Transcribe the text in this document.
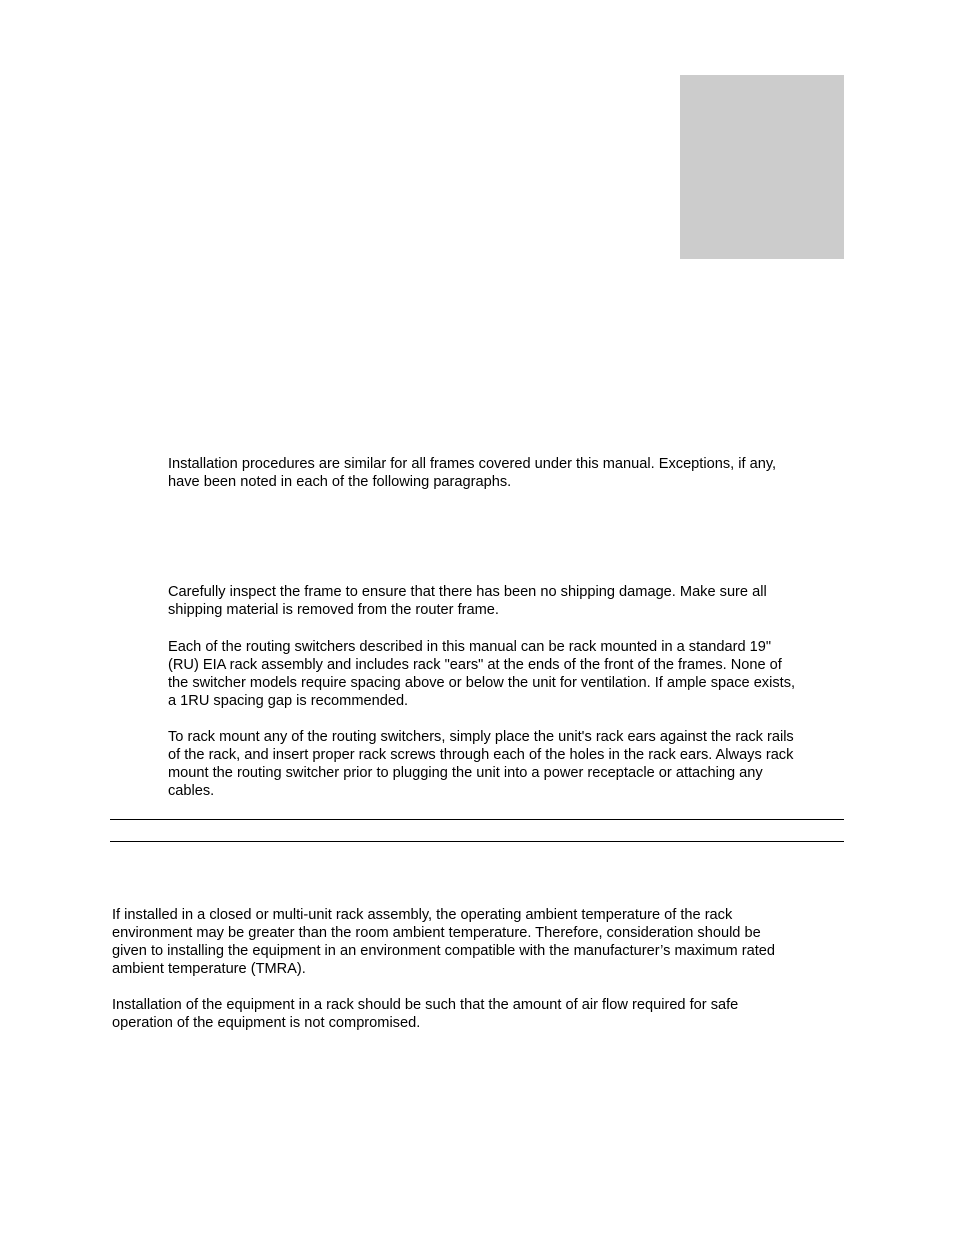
Installation procedures are similar for all frames covered under this manual. Exceptions, if any,
have been noted in each of the following paragraphs.

Carefully inspect the frame to ensure that there has been no shipping damage. Make sure all
shipping material is removed from the router frame.

Each of the routing switchers described in this manual can be rack mounted in a standard 19"
(RU) EIA rack assembly and includes rack "ears" at the ends of the front of the frames. None of
the switcher models require spacing above or below the unit for ventilation. If ample space exists,
a 1RU spacing gap is recommended.

To rack mount any of the routing switchers, simply place the unit's rack ears against the rack rails
of the rack, and insert proper rack screws through each of the holes in the rack ears. Always rack
mount the routing switcher prior to plugging the unit into a power receptacle or attaching any
cables.

If installed in a closed or multi-unit rack assembly, the operating ambient temperature of the rack
environment may be greater than the room ambient temperature. Therefore, consideration should be
given to installing the equipment in an environment compatible with the manufacturer’s maximum rated
ambient temperature (TMRA).

Installation of the equipment in a rack should be such that the amount of air flow required for safe
operation of the equipment is not compromised.
